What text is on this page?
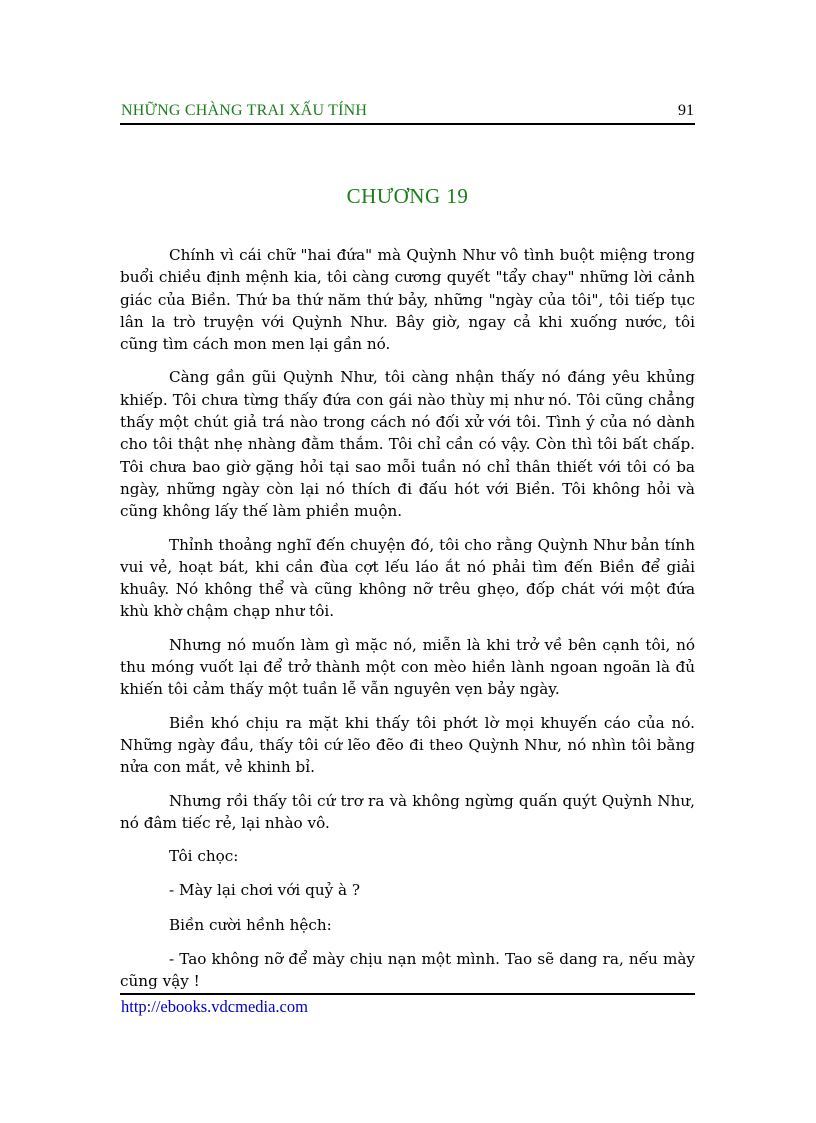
NHỮNG CHÀNG TRAI XẤU TÍNH	91
CHƯƠNG 19

Chính vì cái chữ "hai đứa" mà Quỳnh Như vô tình buột miệng trong buổi chiều định mệnh kia, tôi càng cương quyết "tẩy chay" những lời cảnh giác của Biền. Thứ ba thứ năm thứ bảy, những "ngày của tôi", tôi tiếp tục lân la trò truyện với Quỳnh Như. Bây giờ, ngay cả khi xuống nước, tôi cũng tìm cách mon men lại gần nó.

Càng gần gũi Quỳnh Như, tôi càng nhận thấy nó đáng yêu khủng khiếp. Tôi chưa từng thấy đứa con gái nào thùy mị như nó. Tôi cũng chẳng thấy một chút giả trá nào trong cách nó đối xử với tôi. Tình ý của nó dành cho tôi thật nhẹ nhàng đằm thắm. Tôi chỉ cần có vậy. Còn thì tôi bất chấp. Tôi chưa bao giờ gặng hỏi tại sao mỗi tuần nó chỉ thân thiết với tôi có ba ngày, những ngày còn lại nó thích đi đấu hót với Biền. Tôi không hỏi và cũng không lấy thế làm phiền muộn.

Thỉnh thoảng nghĩ đến chuyện đó, tôi cho rằng Quỳnh Như bản tính vui vẻ, hoạt bát, khi cần đùa cợt lếu láo ắt nó phải tìm đến Biền để giải khuây. Nó không thể và cũng không nỡ trêu ghẹo, đốp chát với một đứa khù khờ chậm chạp như tôi.

Nhưng nó muốn làm gì mặc nó, miễn là khi trở về bên cạnh tôi, nó thu móng vuốt lại để trở thành một con mèo hiền lành ngoan ngoãn là đủ khiến tôi cảm thấy một tuần lễ vẫn nguyên vẹn bảy ngày.

Biền khó chịu ra mặt khi thấy tôi phớt lờ mọi khuyến cáo của nó. Những ngày đầu, thấy tôi cứ lẽo đẽo đi theo Quỳnh Như, nó nhìn tôi bằng nửa con mắt, vẻ khinh bỉ.

Nhưng rồi thấy tôi cứ trơ ra và không ngừng quấn quýt Quỳnh Như, nó đâm tiếc rẻ, lại nhào vô.

Tôi chọc:

- Mày lại chơi với quỷ à ?

Biền cười hềnh hệch:

- Tao không nỡ để mày chịu nạn một mình. Tao sẽ dang ra, nếu mày cũng vậy !

http://ebooks.vdcmedia.com
